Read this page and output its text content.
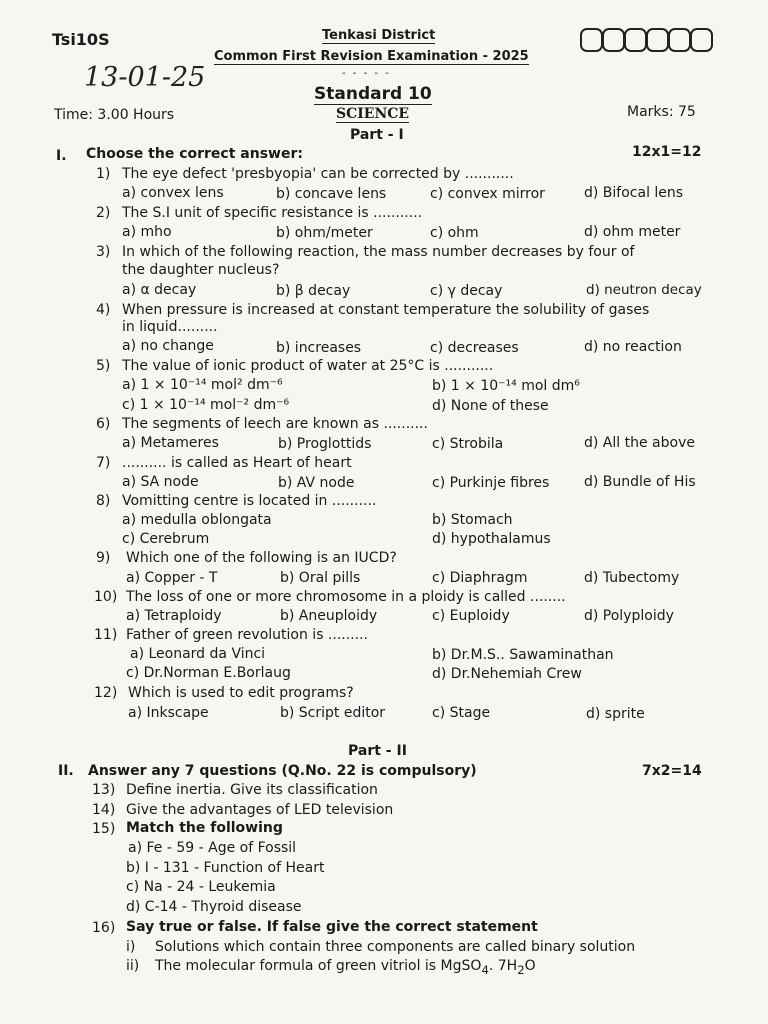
Tsi10S	Tenkasi District
Common First Revision Examination - 2025
13-01-25	- - - - -
Standard 10
Time: 3.00 Hours	SCIENCE	Marks: 75
Part - I
I. Choose the correct answer:	12x1=12
1) The eye defect 'presbyopia' can be corrected by ...........
a) convex lens	b) concave lens	c) convex mirror	d) Bifocal lens
2) The S.I unit of specific resistance is ...........
a) mho	b) ohm/meter	c) ohm	d) ohm meter
3) In which of the following reaction, the mass number decreases by four of
the daughter nucleus?
a) α decay	b) β decay	c) γ decay	d) neutron decay
4) When pressure is increased at constant temperature the solubility of gases
in liquid.........
a) no change	b) increases	c) decreases	d) no reaction
5) The value of ionic product of water at 25°C is ...........
a) 1 × 10⁻¹⁴ mol² dm⁻⁶	b) 1 × 10⁻¹⁴ mol dm⁶
c) 1 × 10⁻¹⁴ mol⁻² dm⁻⁶	d) None of these
6) The segments of leech are known as ..........
a) Metameres	b) Proglottids	c) Strobila	d) All the above
7) .......... is called as Heart of heart
a) SA node	b) AV node	c) Purkinje fibres d) Bundle of His
8) Vomitting centre is located in ..........
a) medulla oblongata	b) Stomach
c) Cerebrum	d) hypothalamus
9) Which one of the following is an IUCD?
a) Copper - T	b) Oral pills	c) Diaphragm	d) Tubectomy
10) The loss of one or more chromosome in a ploidy is called ........
a) Tetraploidy	b) Aneuploidy	c) Euploidy	d) Polyploidy
11) Father of green revolution is .........
a) Leonard da Vinci	b) Dr.M.S.. Sawaminathan
c) Dr.Norman E.Borlaug	d) Dr.Nehemiah Crew
12) Which is used to edit programs?
a) Inkscape	b) Script editor	c) Stage	d) sprite
Part - II
II. Answer any 7 questions (Q.No. 22 is compulsory)	7x2=14
13) Define inertia. Give its classification
14) Give the advantages of LED television
15) Match the following
a) Fe - 59 - Age of Fossil
b) I - 131 - Function of Heart
c) Na - 24 - Leukemia
d) C-14 - Thyroid disease
16) Say true or false. If false give the correct statement
i) Solutions which contain three components are called binary solution
ii) The molecular formula of green vitriol is MgSO$_4$. $7H_2O$
